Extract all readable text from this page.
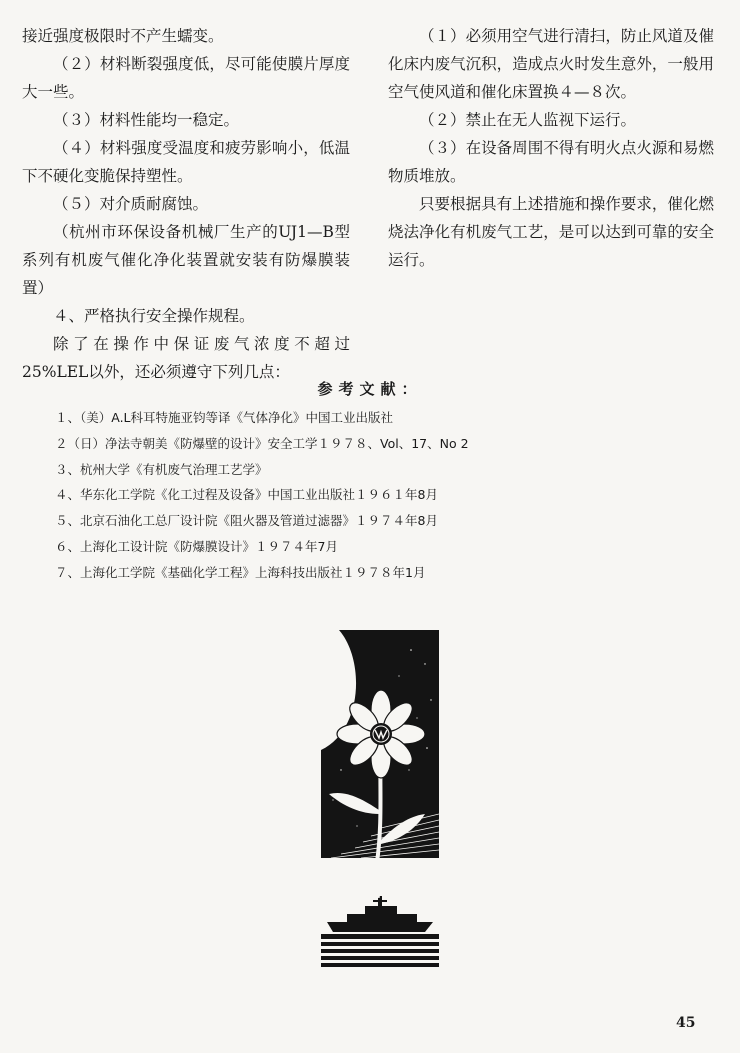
接近强度极限时不产生蠕变。

（２）材料断裂强度低，尽可能使膜片厚度大一些。

（３）材料性能均一稳定。

（４）材料强度受温度和疲劳影响小，低温下不硬化变脆保持塑性。

（５）对介质耐腐蚀。

（杭州市环保设备机械厂生产的UJ1—B型系列有机废气催化净化装置就安装有防爆膜装置）

４、严格执行安全操作规程。

除了在操作中保证废气浓度不超过25%LEL以外，还必须遵守下列几点：

（１）必须用空气进行清扫，防止风道及催化床内废气沉积，造成点火时发生意外，一般用空气使风道和催化床置换４—８次。

（２）禁止在无人监视下运行。

（３）在设备周围不得有明火点火源和易燃物质堆放。

只要根据具有上述措施和操作要求，催化燃烧法净化有机废气工艺，是可以达到可靠的安全运行。

参考文献：
１、（美）A.L科耳特施亚钧等译《气体净化》中国工业出版社
２（日）净法寺朝美《防爆壁的设计》安全工学１９７８、Vol、17、No 2
３、杭州大学《有机废气治理工艺学》
４、华东化工学院《化工过程及设备》中国工业出版社１９６１年8月
５、北京石油化工总厂设计院《阻火器及管道过滤器》１９７４年8月
６、上海化工设计院《防爆膜设计》１９７４年7月
７、上海化工学院《基础化学工程》上海科技出版社１９７８年1月
45
